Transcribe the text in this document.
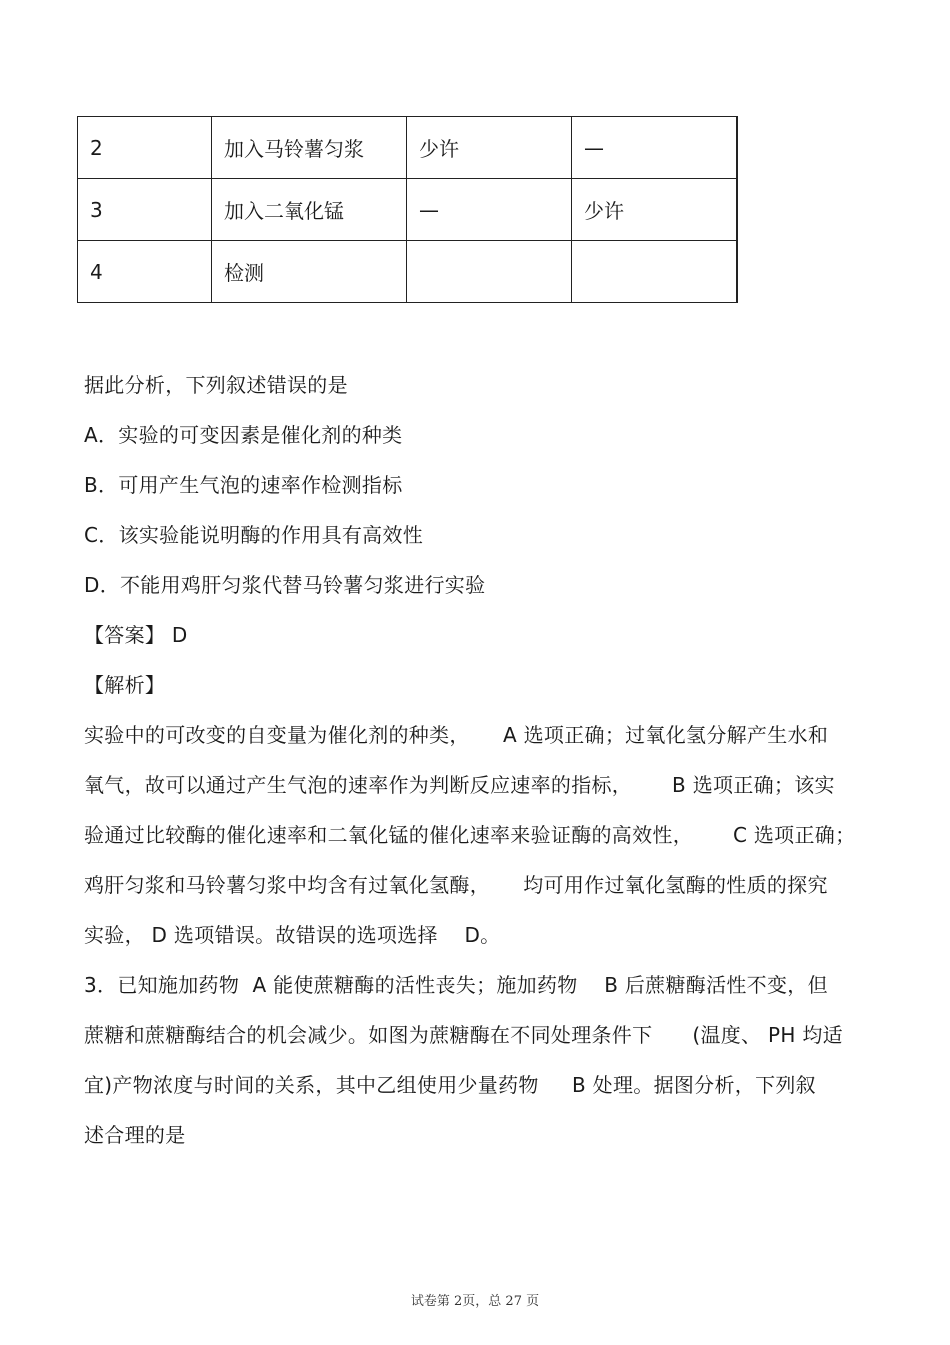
2	加入马铃薯匀浆	少许	—
3	加入二氧化锰	—	少许
4	检测		
据此分析，下列叙述错误的是
A．实验的可变因素是催化剂的种类
B．可用产生气泡的速率作检测指标
C．该实验能说明酶的作用具有高效性
D．不能用鸡肝匀浆代替马铃薯匀浆进行实验
【答案】 D
【解析】
实验中的可改变的自变量为催化剂的种类，     A 选项正确；过氧化氢分解产生水和
氧气，故可以通过产生气泡的速率作为判断反应速率的指标，      B 选项正确；该实
验通过比较酶的催化速率和二氧化锰的催化速率来验证酶的高效性，      C 选项正确；
鸡肝匀浆和马铃薯匀浆中均含有过氧化氢酶，     均可用作过氧化氢酶的性质的探究
实验， D 选项错误。故错误的选项选择    D。
3．已知施加药物  A 能使蔗糖酶的活性丧失；施加药物    B 后蔗糖酶活性不变，但
蔗糖和蔗糖酶结合的机会减少。如图为蔗糖酶在不同处理条件下      (温度、 PH 均适
宜)产物浓度与时间的关系，其中乙组使用少量药物     B 处理。据图分析，下列叙
述合理的是
试卷第 2页，总 27 页
